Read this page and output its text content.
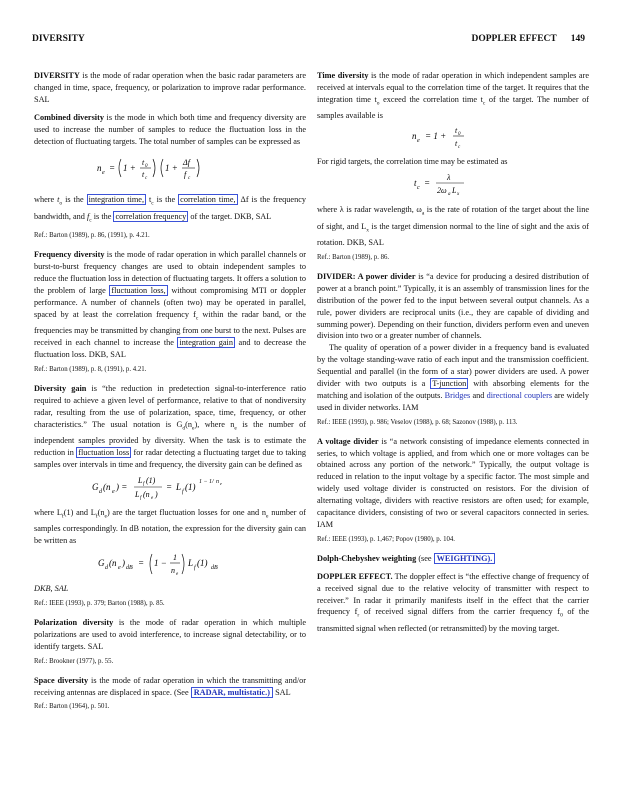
DIVERSITY	DOPPLER EFFECT 149

DIVERSITY is the mode of radar operation when the basic radar parameters are changed in time, space, frequency, or polarization to improve radar performance. SAL

Combined diversity is the mode in which both time and frequency diversity are used to increase the number of samples to reduce the fluctuation loss in the detection of fluctuating targets. The total number of samples can be expressed as

n e = 1 +
t 0
t c
1 +
Δf
f c

where $t_o$ is the integration time, $t_c$ is the correlation time, Δf is the frequency bandwidth, and $f_c$ is the correlation frequency of the target. DKB, SAL

Ref.: Barton (1989), p. 86, (1991), p. 4.21.

Frequency diversity is the mode of radar operation in which parallel channels or burst-to-burst frequency changes are used to obtain independent samples to reduce the fluctuation loss in detection of fluctuating targets. It offers a solution to the problem of large fluctuation loss, without compromising MTI or doppler performance. A number of channels (often two) may be operated in parallel, spaced by at least the correlation frequency $f_c$ within the radar band, or the frequencies may be transmitted by changing from one burst to the next. Pulses are received in each channel to increase the integration gain and to decrease the fluctuation loss. DKB, SAL

Ref.: Barton (1989), p. 8, (1991), p. 4.21.

Diversity gain is “the reduction in predetection signal-to-interference ratio required to achieve a given level of performance, relative to that of nondiversity radar, resulting from the use of polarization, space, time, frequency, or other characteristics.” The usual notation is $G_d(n_e)$, where $n_e$ is the number of independent samples provided by diversity. When the task is to estimate the reduction in fluctuation loss for radar detecting a fluctuating target due to taking samples over intervals in time and frequency, the diversity gain can be defined as

G d (n e ) =
L f (1)
L f (n e )
= L f (1) 1 − 1/ n e

where $L_f(1)$ and $L_f(n_e)$ are the target fluctuation losses for one and $n_e$ number of samples correspondingly. In dB notation, the expression for the diversity gain can be written as

G d (n e ) dB = 1 −
1
n e
L f (1) dB

DKB, SAL

Ref.: IEEE (1993), p. 379; Barton (1988), p. 85.

Polarization diversity is the mode of radar operation in which multiple polarizations are used to avoid interference, to increase signal detectability, or to identify targets. SAL

Ref.: Brookner (1977), p. 55.

Space diversity is the mode of radar operation in which the transmitting and/or receiving antennas are displaced in space. (See RADAR, multistatic.) SAL

Ref.: Barton (1964), p. 501.

Time diversity is the mode of radar operation in which independent samples are received at intervals equal to the correlation time of the target. It requires that the integration time $t_o$ exceed the correlation time $t_c$ of the target. The number of samples available is

n e = 1 +
t 0
t c

For rigid targets, the correlation time may be estimated as

t c =
λ
2ω a L x

where λ is radar wavelength, $\omega_a$ is the rate of rotation of the target about the line of sight, and $L_x$ is the target dimension normal to the line of sight and the axis of rotation. DKB, SAL

Ref.: Barton (1989), p. 86.

DIVIDER: A power divider is “a device for producing a desired distribution of power at a branch point.” Typically, it is an assembly of transmission lines for the distribution of the power fed to the input between several output channels. As a rule, power dividers are reciprocal units (i.e., they are capable of dividing and summing power). Depending on their function, dividers perform even and uneven division into two or a greater number of channels.

The quality of operation of a power divider in a frequency band is evaluated by the voltage standing-wave ratio of each input and the transmission coefficient. Sequential and parallel (in the form of a star) power dividers are used. A power divider with two outputs is a T-junction with absorbing elements for the matching and isolation of the outputs. Bridges and directional couplers are widely used in divider networks. IAM

Ref.: IEEE (1993), p. 986; Veselov (1988), p. 68; Sazonov (1988), p. 113.

A voltage divider is “a network consisting of impedance elements connected in series, to which voltage is applied, and from which one or more voltages can be obtained across any portion of the network.” Typically, the output voltage is reduced in relation to the input voltage by a specific factor. The most simple and widely used voltage divider is constructed on resistors. For the division of alternating voltage, dividers with reactive resistors are often used; for example, capacitance dividers, consisting of two or several capacitors connected in series. IAM

Ref.: IEEE (1993), p. 1,467; Popov (1980), p. 104.

Dolph-Chebyshev weighting (see WEIGHTING).

DOPPLER EFFECT. The doppler effect is “the effective change of frequency of a received signal due to the relative velocity of transmitter with respect to receiver.” In radar it primarily manifests itself in the effect that the carrier frequency $f_r$ of received signal differs from the carrier frequency $f_0$ of the transmitted signal when reflected (or retransmitted) by the moving target.
